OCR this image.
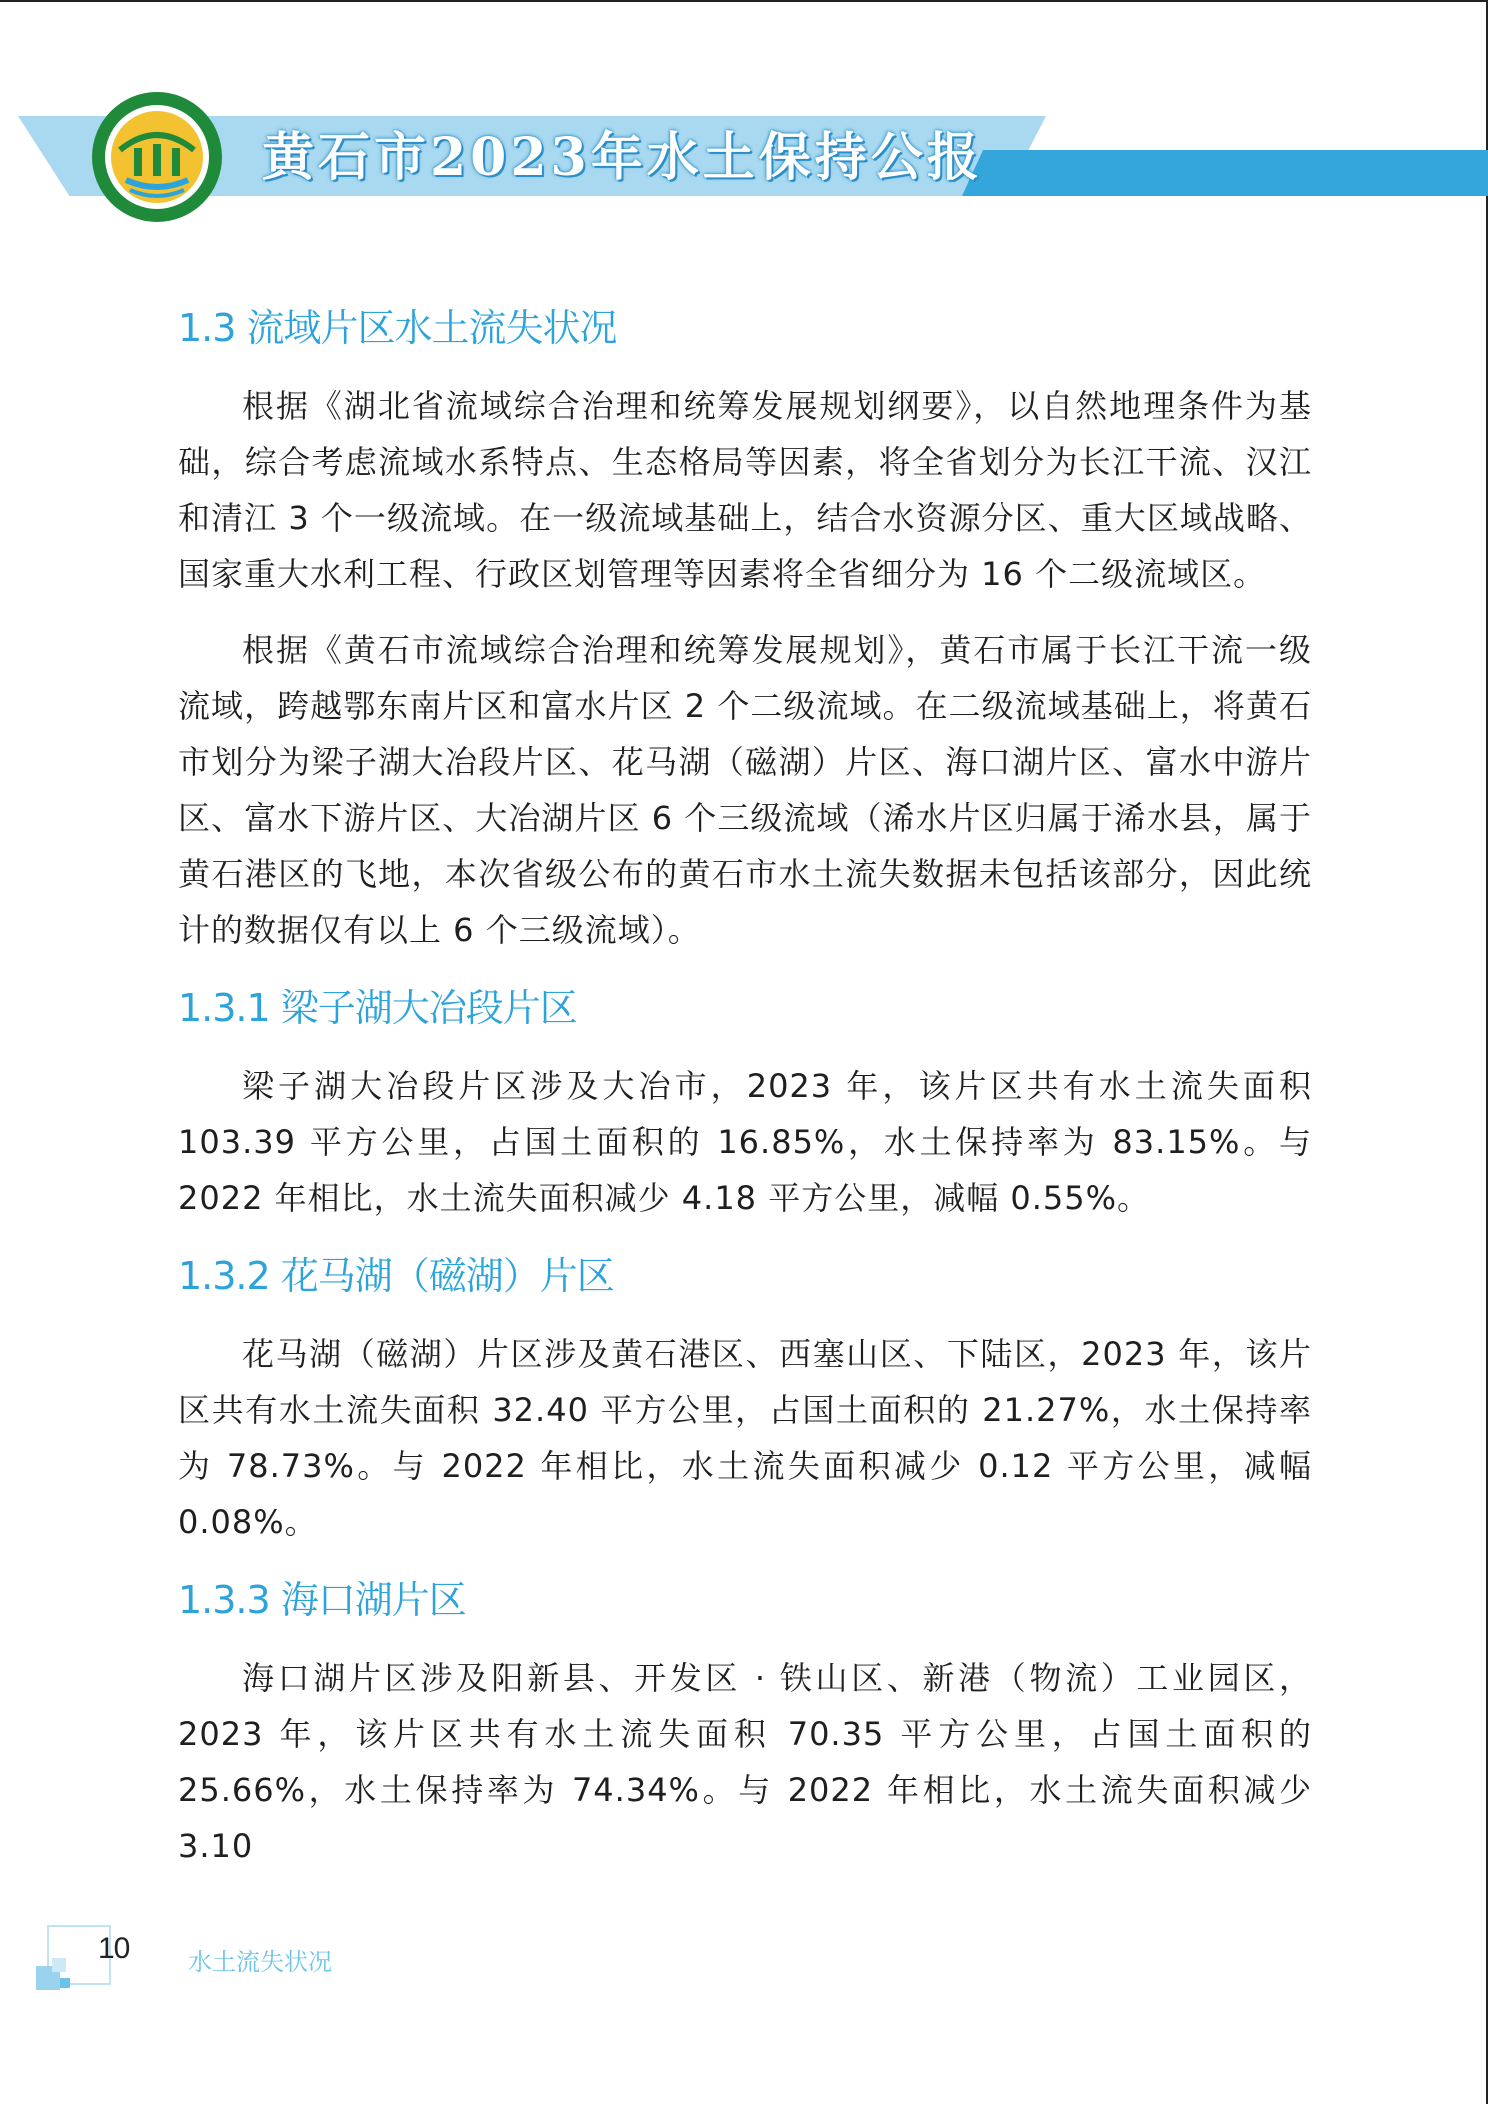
黄石市2023年水土保持公报
1.3 流域片区水土流失状况

根据《湖北省流域综合治理和统筹发展规划纲要》，以自然地理条件为基础，综合考虑流域水系特点、生态格局等因素，将全省划分为长江干流、汉江和清江 3 个一级流域。在一级流域基础上，结合水资源分区、重大区域战略、国家重大水利工程、行政区划管理等因素将全省细分为 16 个二级流域区。

根据《黄石市流域综合治理和统筹发展规划》，黄石市属于长江干流一级流域，跨越鄂东南片区和富水片区 2 个二级流域。在二级流域基础上，将黄石市划分为梁子湖大冶段片区、花马湖（磁湖）片区、海口湖片区、富水中游片区、富水下游片区、大冶湖片区 6 个三级流域（浠水片区归属于浠水县，属于黄石港区的飞地，本次省级公布的黄石市水土流失数据未包括该部分，因此统计的数据仅有以上 6 个三级流域）。

1.3.1 梁子湖大冶段片区

梁子湖大冶段片区涉及大冶市，2023 年，该片区共有水土流失面积 103.39 平方公里，占国土面积的 16.85%，水土保持率为 83.15%。与 2022 年相比，水土流失面积减少 4.18 平方公里，减幅 0.55%。

1.3.2 花马湖（磁湖）片区

花马湖（磁湖）片区涉及黄石港区、西塞山区、下陆区，2023 年，该片区共有水土流失面积 32.40 平方公里，占国土面积的 21.27%，水土保持率为 78.73%。与 2022 年相比，水土流失面积减少 0.12 平方公里，减幅 0.08%。

1.3.3 海口湖片区

海口湖片区涉及阳新县、开发区 · 铁山区、新港（物流）工业园区，2023 年，该片区共有水土流失面积 70.35 平方公里，占国土面积的 25.66%，水土保持率为 74.34%。与 2022 年相比，水土流失面积减少 3.10

10 水土流失状况
